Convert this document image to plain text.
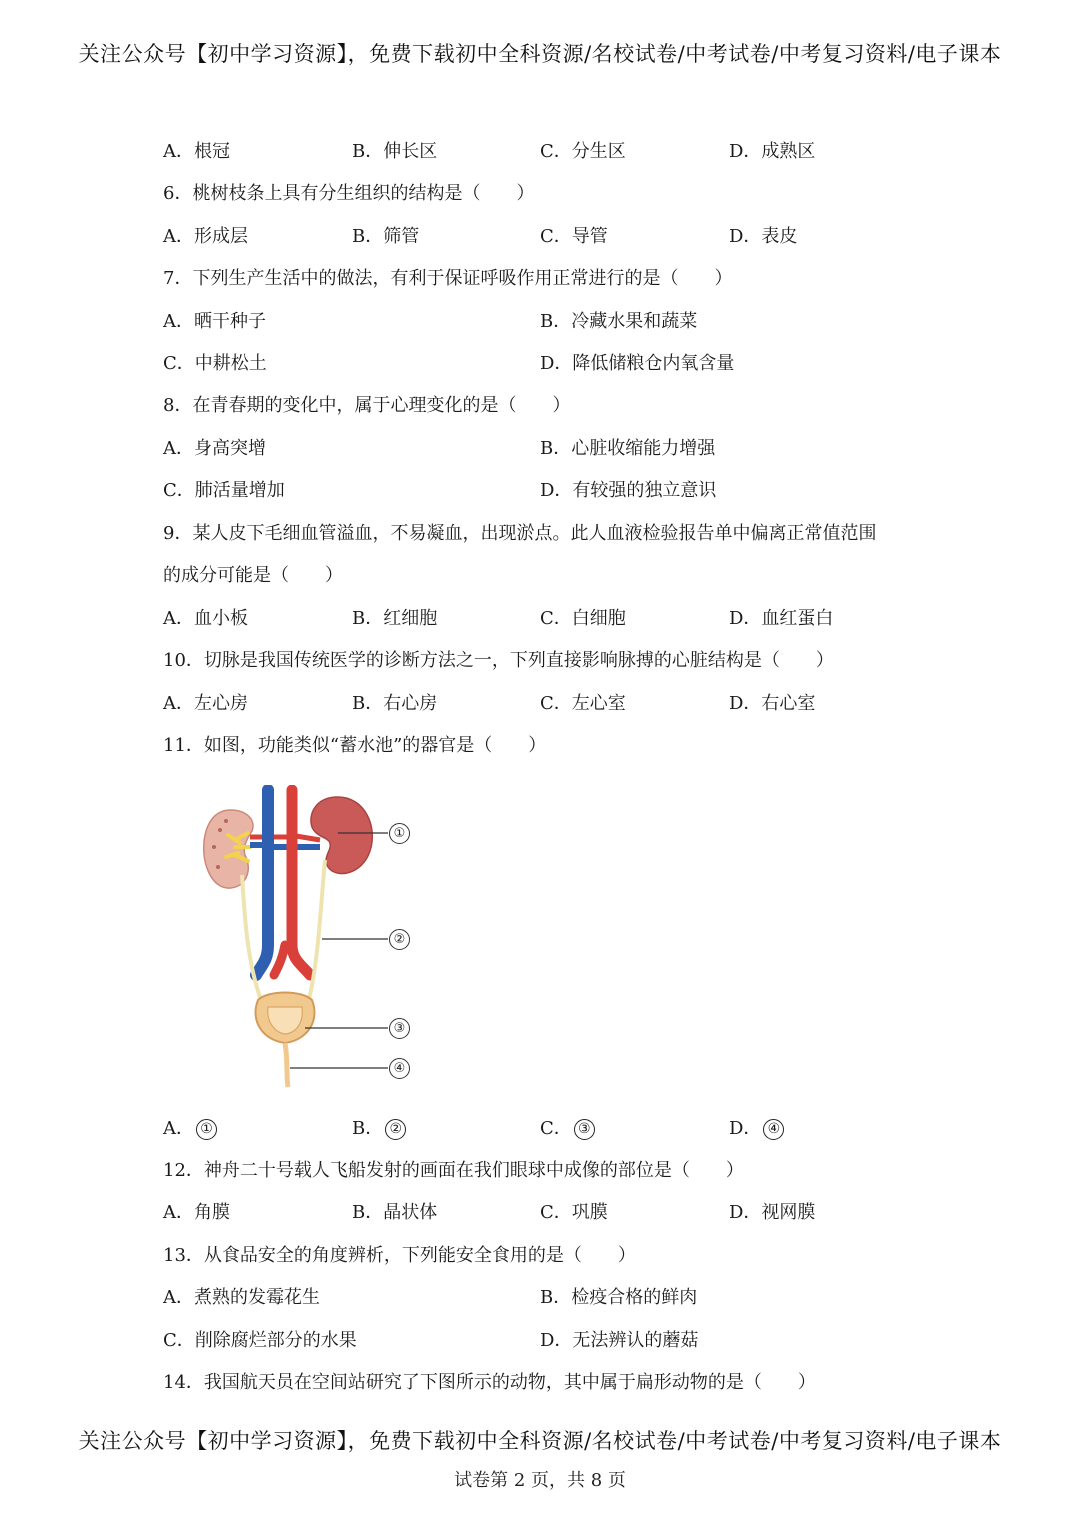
关注公众号【初中学习资源】，免费下载初中全科资源/名校试卷/中考试卷/中考复习资料/电子课本
A．根冠	B．伸长区	C．分生区	D．成熟区
6．桃树枝条上具有分生组织的结构是（　　）
A．形成层	B．筛管	C．导管	D．表皮
7．下列生产生活中的做法，有利于保证呼吸作用正常进行的是（　　）
A．晒干种子	B．冷藏水果和蔬菜
C．中耕松土	D．降低储粮仓内氧含量
8．在青春期的变化中，属于心理变化的是（　　）
A．身高突增	B．心脏收缩能力增强
C．肺活量增加	D．有较强的独立意识
9．某人皮下毛细血管溢血，不易凝血，出现淤点。此人血液检验报告单中偏离正常值范围
的成分可能是（　　）
A．血小板	B．红细胞	C．白细胞	D．血红蛋白
10．切脉是我国传统医学的诊断方法之一，下列直接影响脉搏的心脏结构是（　　）
A．左心房	B．右心房	C．左心室	D．右心室
11．如图，功能类似“蓄水池”的器官是（　　）
①
②
③
④
A． ①	B． ②	C． ③	D． ④
12．神舟二十号载人飞船发射的画面在我们眼球中成像的部位是（　　）
A．角膜	B．晶状体	C．巩膜	D．视网膜
13．从食品安全的角度辨析，下列能安全食用的是（　　）
A．煮熟的发霉花生	B．检疫合格的鲜肉
C．削除腐烂部分的水果	D．无法辨认的蘑菇
14．我国航天员在空间站研究了下图所示的动物，其中属于扁形动物的是（　　）
关注公众号【初中学习资源】，免费下载初中全科资源/名校试卷/中考试卷/中考复习资料/电子课本
试卷第 2 页，共 8 页
